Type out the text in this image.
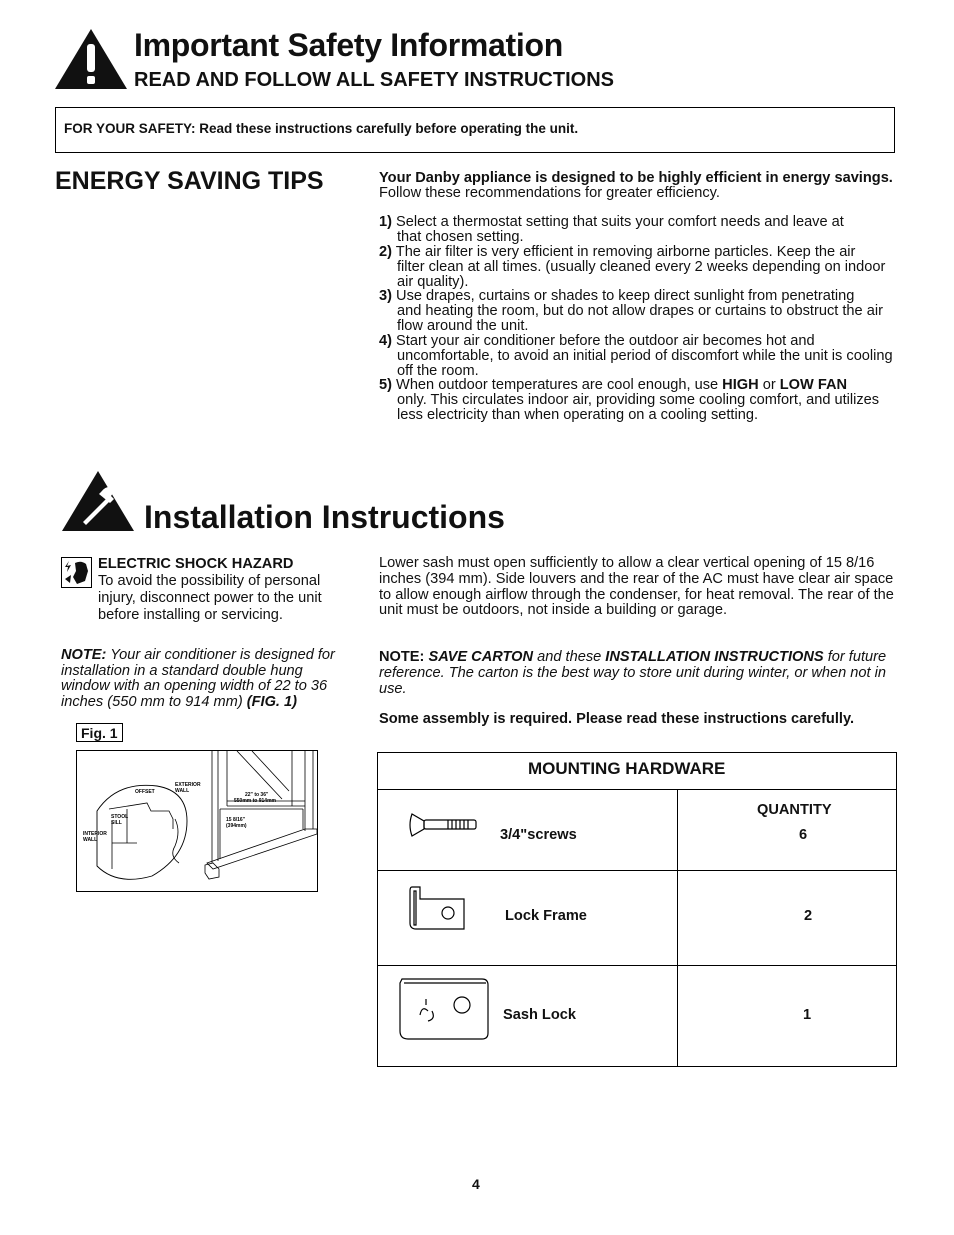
Important Safety Information
READ AND FOLLOW ALL SAFETY INSTRUCTIONS
FOR YOUR SAFETY: Read these instructions carefully before operating the unit.
ENERGY SAVING TIPS	Your Danby appliance is designed to be highly efficient in energy savings. Follow these recommendations for greater efficiency.
1) Select a thermostat setting that suits your comfort needs and leave at
that chosen setting.
2) The air filter is very efficient in removing airborne particles. Keep the air
filter clean at all times. (usually cleaned every 2 weeks depending on indoor air quality).
3) Use drapes, curtains or shades to keep direct sunlight from penetrating
and heating the room, but do not allow drapes or curtains to obstruct the air flow around the unit.
4) Start your air conditioner before the outdoor air becomes hot and
uncomfortable, to avoid an initial period of discomfort while the unit is cooling off the room.
5) When outdoor temperatures are cool enough, use HIGH or LOW FAN
only. This circulates indoor air, providing some cooling comfort, and utilizes less electricity than when operating on a cooling setting.
Installation Instructions
ELECTRIC SHOCK HAZARD
To avoid the possibility of personal injury, disconnect power to the unit before installing or servicing.
NOTE: Your air conditioner is designed for installation in a standard double hung window with an opening width of 22 to 36 inches (550 mm to 914 mm) (FIG. 1)
Fig. 1
EXTERIOR
WALL
OFFSET
STOOL
SILL
INTERIOR
WALL
22" to 36"
550mm to 914mm
15 8/16"
(394mm)
Lower sash must open sufficiently to allow a clear vertical opening of 15 8/16 inches (394 mm). Side louvers and the rear of the AC must have clear air space to allow enough airflow through the condenser, for heat removal. The rear of the unit must be outdoors, not inside a building or garage.
NOTE: SAVE CARTON and these INSTALLATION INSTRUCTIONS for future reference. The carton is the best way to store unit during winter, or when not in use.
Some assembly is required. Please read these instructions carefully.
MOUNTING HARDWARE
QUANTITY
3/4"screws	6
Lock Frame	2
Sash Lock	1
4
